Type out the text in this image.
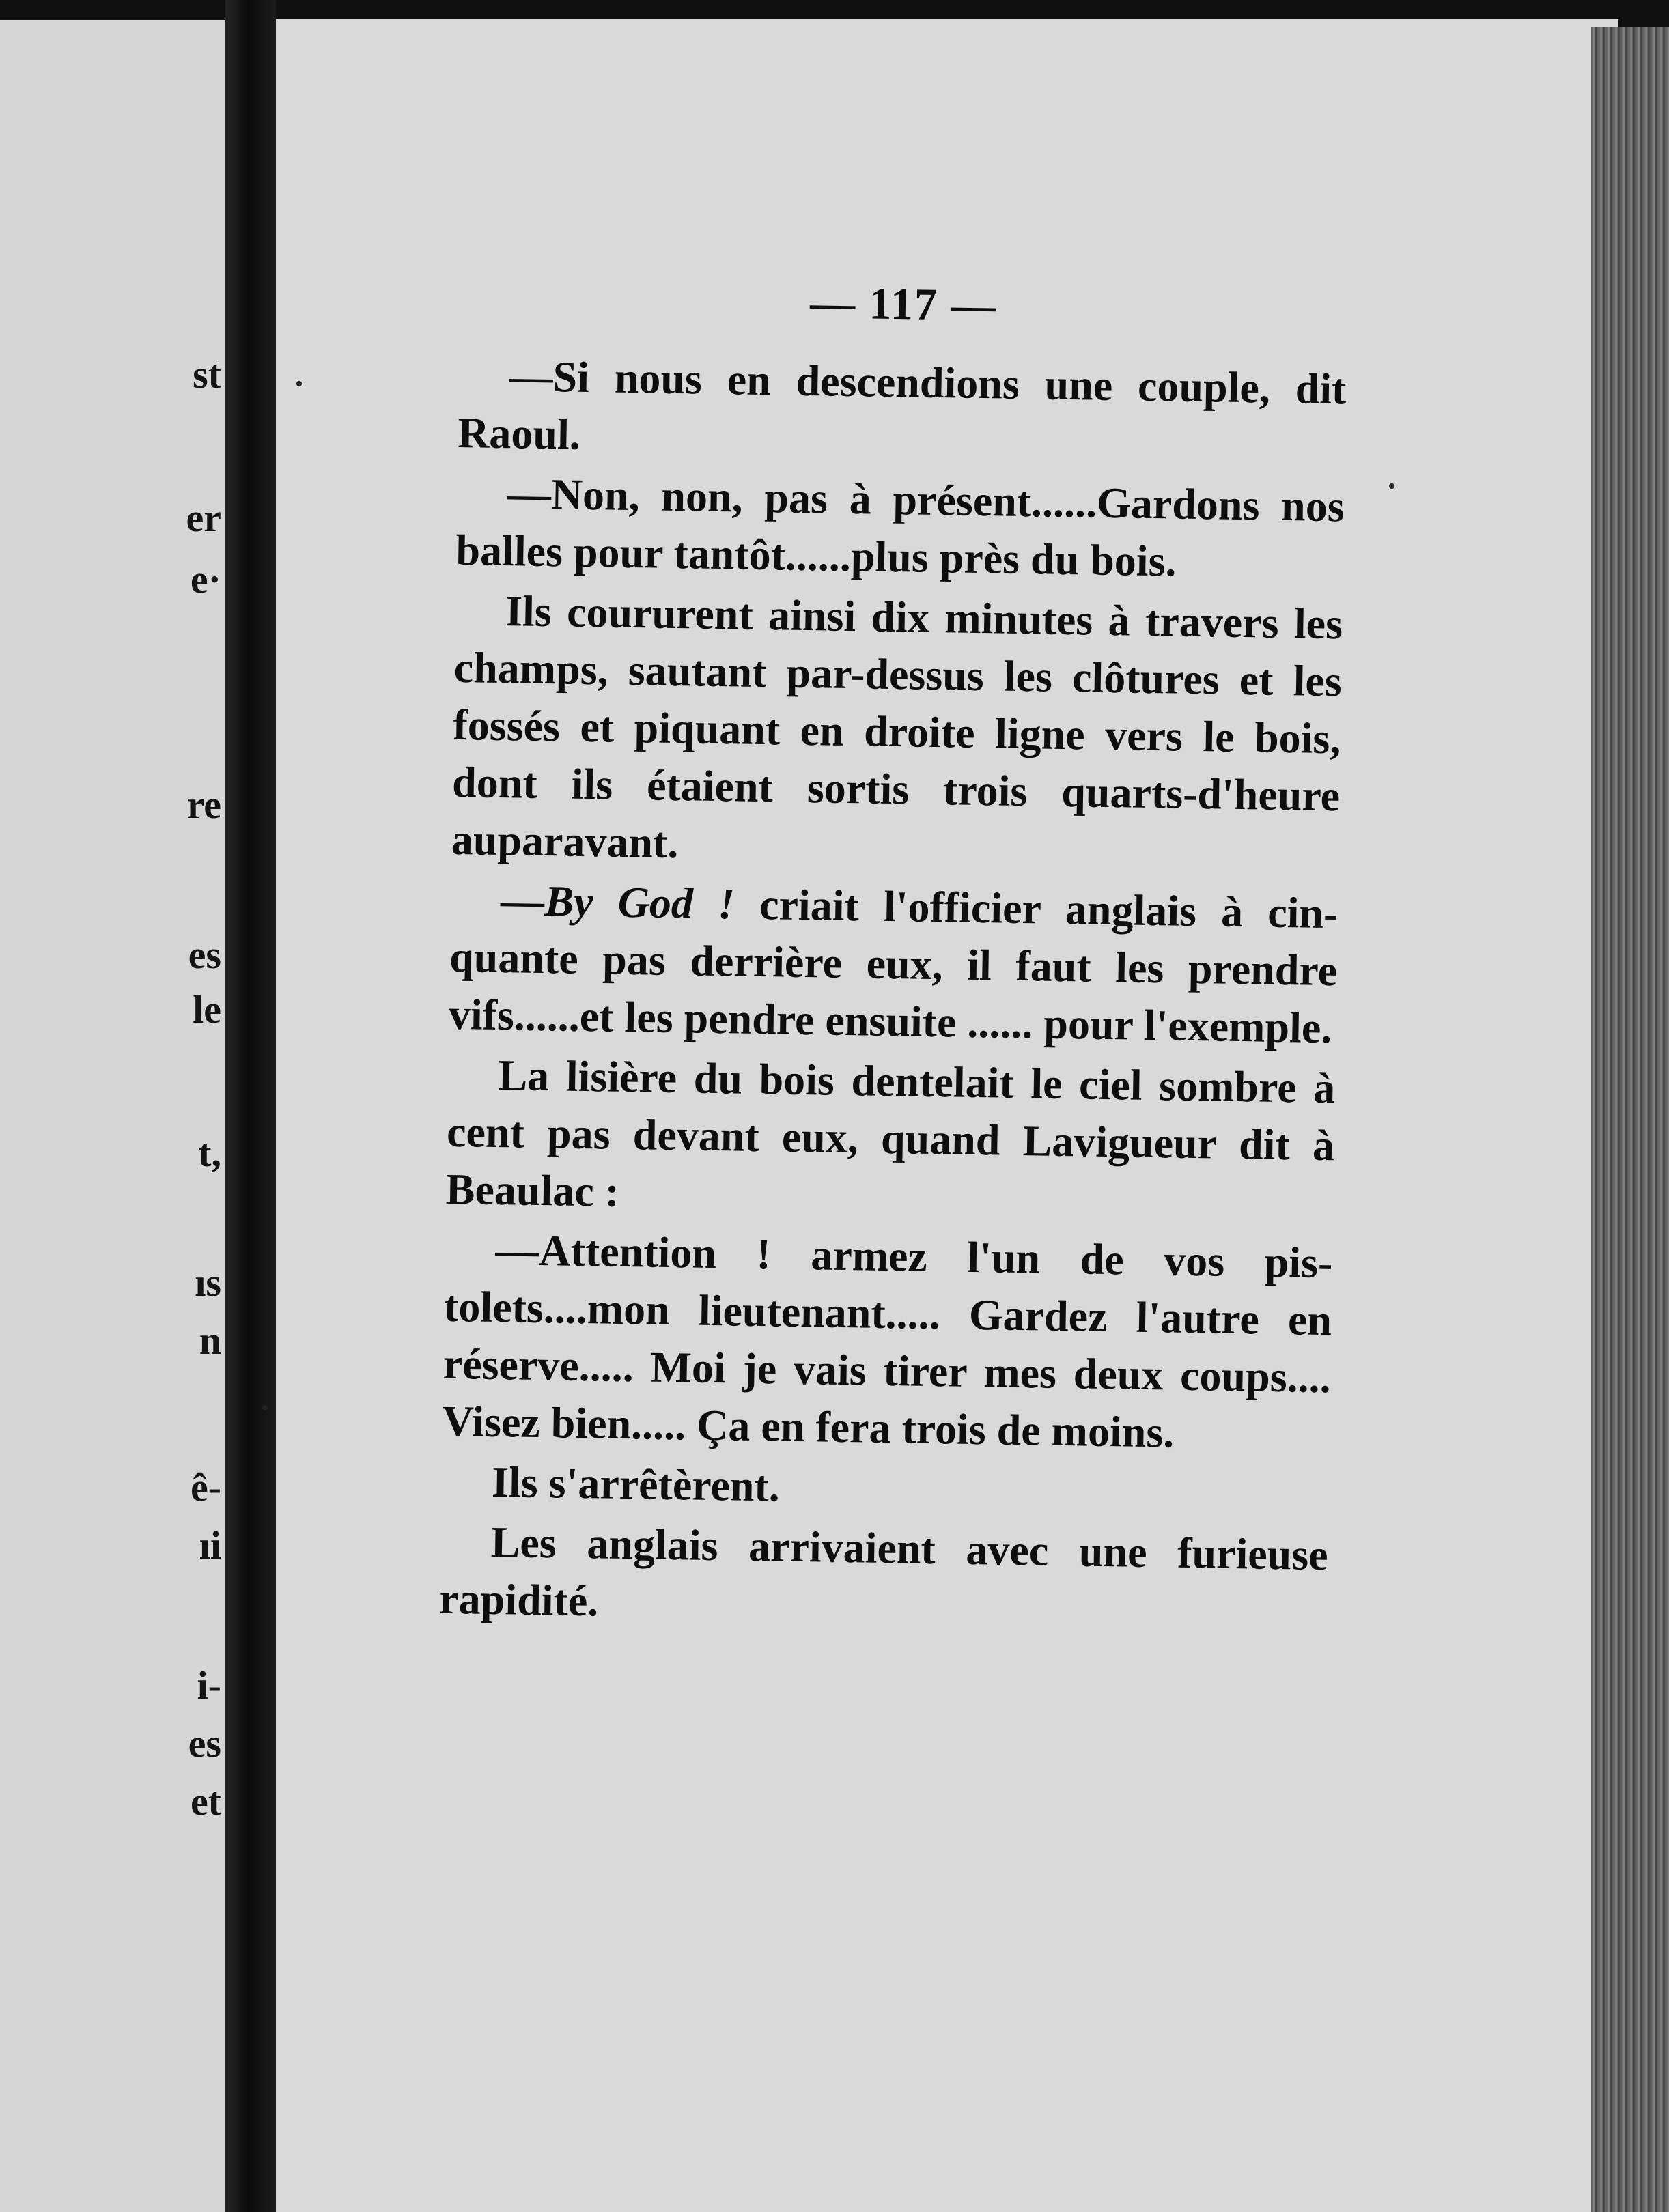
st
er
e·
re
es
le
t,
ıs
n
ê-
ıi
i-
es
et
— 117 —

—Si nous en descendions une couple, dit Raoul.

—Non, non, pas à présent......Gardons nos balles pour tantôt......plus près du bois.

Ils coururent ainsi dix minutes à travers les champs, sautant par-dessus les clôtures et les fossés et piquant en droite ligne vers le bois, dont ils étaient sortis trois quarts-d'heure auparavant.

—By God ! criait l'officier anglais à cinquante pas derrière eux, il faut les prendre vifs......et les pendre ensuite ...... pour l'exemple.

La lisière du bois dentelait le ciel sombre à cent pas devant eux, quand Lavigueur dit à Beaulac :

—Attention ! armez l'un de vos pistolets....mon lieutenant..... Gardez l'autre en réserve..... Moi je vais tirer mes deux coups.... Visez bien..... Ça en fera trois de moins.

Ils s'arrêtèrent.

Les anglais arrivaient avec une furieuse rapidité.
